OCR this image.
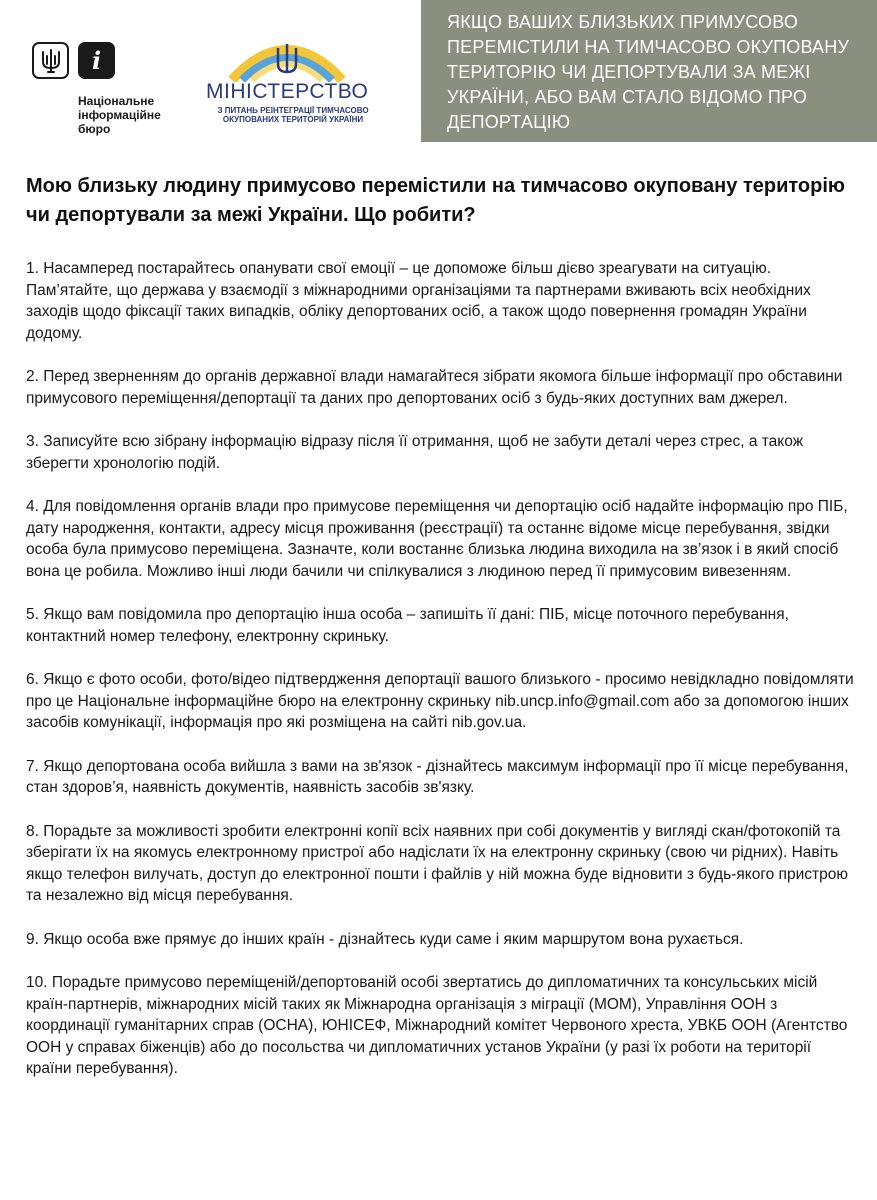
i
Національне
інформаційне
бюро
МІНІСТЕРСТВО
З ПИТАНЬ РЕІНТЕГРАЦІЇ ТИМЧАСОВО ОКУПОВАНИХ ТЕРИТОРІЙ УКРАЇНИ
ЯКЩО ВАШИХ БЛИЗЬКИХ ПРИМУСОВО ПЕРЕМІСТИЛИ НА ТИМЧАСОВО ОКУПОВАНУ ТЕРИТОРІЮ ЧИ ДЕПОРТУВАЛИ ЗА МЕЖІ УКРАЇНИ, АБО ВАМ СТАЛО ВІДОМО ПРО ДЕПОРТАЦІЮ
Мою близьку людину примусово перемістили на тимчасово окуповану територію чи депортували за межі України. Що робити?

1. Насамперед постарайтесь опанувати свої емоції – це допоможе більш дієво зреагувати на ситуацію.
Пам’ятайте, що держава у взаємодії з міжнародними організаціями та партнерами вживають всіх необхідних заходів щодо фіксації таких випадків, обліку депортованих осіб, а також щодо повернення громадян України додому.

2. Перед зверненням до органів державної влади намагайтеся зібрати якомога більше інформації про обставини примусового переміщення/депортації та даних про депортованих осіб з будь-яких доступних вам джерел.

3. Записуйте всю зібрану інформацію відразу після її отримання, щоб не забути деталі через стрес, а також зберегти хронологію подій.

4. Для повідомлення органів влади про примусове переміщення чи депортацію осіб надайте інформацію про ПІБ, дату народження, контакти, адресу місця проживання (реєстрації) та останнє відоме місце перебування, звідки особа була примусово переміщена. Зазначте, коли востаннє близька людина виходила на зв’язок і в який спосіб вона це робила. Можливо інші люди бачили чи спілкувалися з людиною перед її примусовим вивезенням.

5. Якщо вам повідомила про депортацію інша особа – запишіть її дані: ПІБ, місце поточного перебування, контактний номер телефону, електронну скриньку.

6. Якщо є фото особи, фото/відео підтвердження депортації вашого близького - просимо невідкладно повідомляти про це Національне інформаційне бюро на електронну скриньку nib.uncp.info@gmail.com або за допомогою інших засобів комунікації, інформація про які розміщена на сайті nib.gov.ua.

7. Якщо депортована особа вийшла з вами на зв'язок - дізнайтесь максимум інформації про її місце перебування, стан здоров’я, наявність документів, наявність засобів зв'язку.

8. Порадьте за можливості зробити електронні копії всіх наявних при собі документів у вигляді скан/фотокопій та зберігати їх на якомусь електронному пристрої або надіслати їх на електронну скриньку (свою чи рідних). Навіть якщо телефон вилучать, доступ до електронної пошти і файлів у ній можна буде відновити з будь-якого пристрою та незалежно від місця перебування.

9. Якщо особа вже прямує до інших країн - дізнайтесь куди саме і яким маршрутом вона рухається.

10. Порадьте примусово переміщеній/депортованій особі звертатись до дипломатичних та консульських місій країн-партнерів, міжнародних місій таких як Міжнародна організація з міграції (МОМ), Управління ООН з координації гуманітарних справ (OCHA), ЮНІСЕФ, Міжнародний комітет Червоного хреста, УВКБ ООН (Агентство ООН у справах біженців) або до посольства чи дипломатичних установ України (у разі їх роботи на території країни перебування).
